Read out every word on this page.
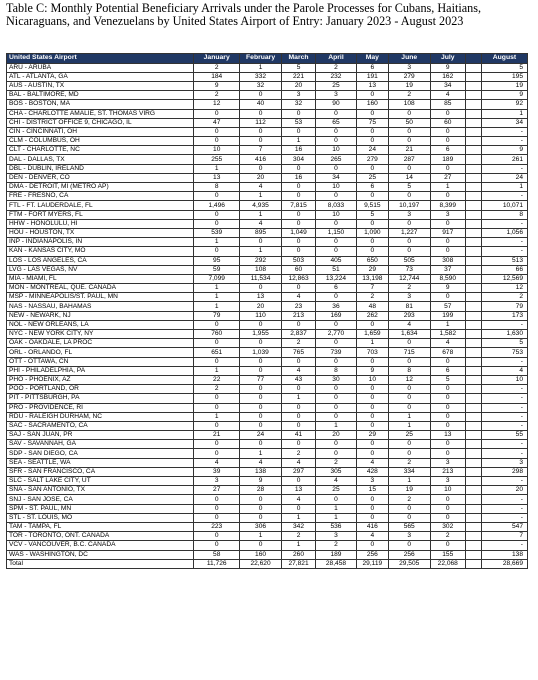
Table C: Monthly Potential Beneficiary Arrivals under the Parole Processes for Cubans, Haitians, Nicaraguans, and Venezuelans by United States Airport of Entry: January 2023 - August 2023
United States Airport	January	February	March	April	May	June	July		August
ARU - ARUBA	2	1	5	2	6	3	9		5
ATL - ATLANTA, GA	184	332	221	232	191	279	162		195
AUS - AUSTIN, TX	9	32	20	25	13	19	34		19
BAL - BALTIMORE, MD	2	0	3	3	0	2	4		9
BOS - BOSTON, MA	12	40	32	90	160	108	85		92
CHA - CHARLOTTE AMALIE, ST. THOMAS VIRG	0	0	0	0	0	0	0		1
CHI - DISTRICT OFFICE 9, CHICAGO, IL	47	112	53	65	75	50	60		34
CIN - CINCINNATI, OH	0	0	0	0	0	0	0		-
CLM - COLUMBUS, OH	0	0	1	0	0	0	0		-
CLT - CHARLOTTE, NC	10	7	16	10	24	21	6		9
DAL - DALLAS, TX	255	416	304	265	279	287	189		261
DBL - DUBLIN, IRELAND	1	0	0	0	0	0	0		-
DEN - DENVER, CO	13	20	16	34	25	14	27		24
DMA - DETROIT, MI (METRO AP)	8	4	0	10	6	5	1		1
FRE - FRESNO, CA	0	1	0	0	0	0	0		-
FTL - FT. LAUDERDALE, FL	1,496	4,935	7,815	8,033	9,515	10,197	8,399		10,071
FTM - FORT MYERS, FL	0	1	0	10	5	3	3		8
HHW - HONOLULU, HI	0	4	0	0	0	0	0		-
HOU - HOUSTON, TX	539	895	1,049	1,150	1,090	1,227	917		1,056
INP - INDIANAPOLIS, IN	1	0	0	0	0	0	0		-
KAN - KANSAS CITY, MO	0	1	0	0	0	0	0		-
LOS - LOS ANGELES, CA	95	292	503	405	650	505	308		513
LVG - LAS VEGAS, NV	59	108	60	51	29	73	37		66
MIA - MIAMI, FL	7,099	11,534	12,863	13,224	13,198	12,744	8,590		12,569
MON - MONTREAL, QUE. CANADA	1	0	0	6	7	2	9		12
MSP - MINNEAPOLIS/ST. PAUL, MN	1	13	4	0	2	3	0		2
NAS - NASSAU, BAHAMAS	1	20	23	36	48	81	57		79
NEW - NEWARK, NJ	79	110	213	169	262	293	199		173
NOL - NEW ORLEANS, LA	0	0	0	0	0	4	1		-
NYC - NEW YORK CITY, NY	760	1,955	2,837	2,770	1,659	1,634	1,582		1,630
OAK - OAKDALE, LA PROC	0	0	2	0	1	0	4		5
ORL - ORLANDO, FL	651	1,039	765	739	703	715	678		753
OTT - OTTAWA, CN	0	0	0	0	0	0	0		-
PHI - PHILADELPHIA, PA	1	0	4	8	9	8	6		4
PHO - PHOENIX, AZ	22	77	43	30	10	12	5		10
POO - PORTLAND, OR	2	0	0	0	0	0	0		-
PIT - PITTSBURGH, PA	0	0	1	0	0	0	0		-
PRO - PROVIDENCE, RI	0	0	0	0	0	0	0		-
RDU - RALEIGH DURHAM, NC	1	0	0	0	0	1	0		-
SAC - SACRAMENTO, CA	0	0	0	1	0	1	0		-
SAJ - SAN JUAN, PR	21	24	41	20	29	25	13		55
SAV - SAVANNAH, GA	0	0	0	0	0	0	0		-
SDP - SAN DIEGO, CA	0	1	2	0	0	0	0		-
SEA - SEATTLE, WA	4	4	4	2	4	2	3		3
SFR - SAN FRANCISCO, CA	39	138	297	305	428	334	213		298
SLC - SALT LAKE CITY, UT	3	9	0	4	3	1	3		-
SNA - SAN ANTONIO, TX	27	28	13	25	15	19	10		20
SNJ - SAN JOSE, CA	0	0	4	0	0	2	0		-
SPM - ST. PAUL, MN	0	0	0	1	0	0	0		-
STL - ST. LOUIS, MO	0	0	1	1	0	0	0		-
TAM - TAMPA, FL	223	306	342	536	416	565	302		547
TOR - TORONTO, ONT. CANADA	0	1	2	3	4	3	2		7
VCV - VANCOUVER, B.C. CANADA	0	0	1	2	0	0	0		-
WAS - WASHINGTON, DC	58	160	260	189	256	256	155		138
Total	11,726	22,620	27,821	28,458	29,119	29,505	22,068		28,669
